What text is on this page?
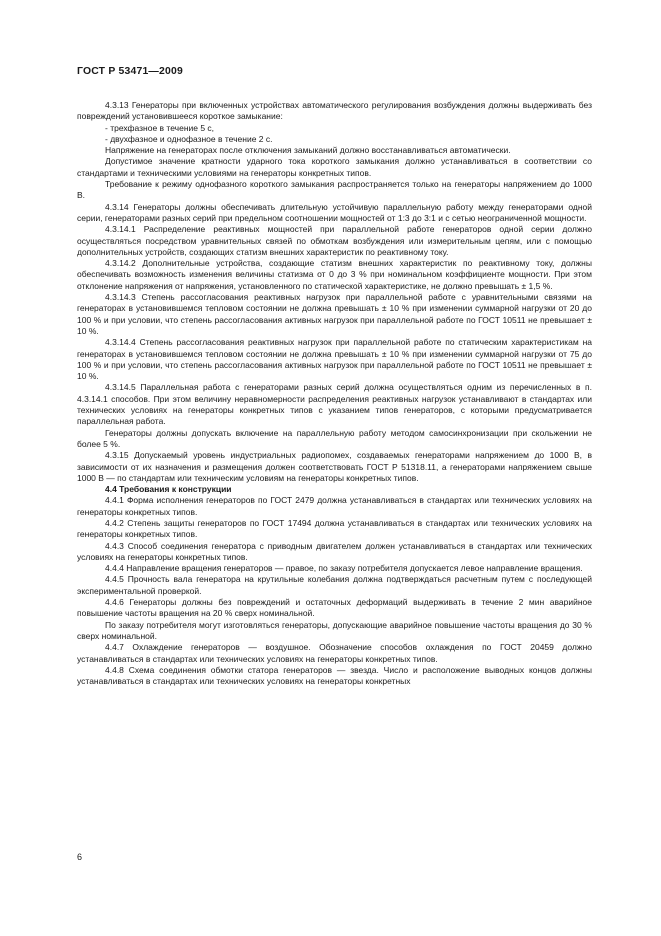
ГОСТ Р 53471—2009

4.3.13 Генераторы при включенных устройствах автоматического регулирования возбуждения должны выдерживать без повреждений установившееся короткое замыкание:

- трехфазное в течение 5 с,

- двухфазное и однофазное в течение 2 с.

Напряжение на генераторах после отключения замыканий должно восстанавливаться автоматически.

Допустимое значение кратности ударного тока короткого замыкания должно устанавливаться в соответствии со стандартами и техническими условиями на генераторы конкретных типов.

Требование к режиму однофазного короткого замыкания распространяется только на генераторы напряжением до 1000 В.

4.3.14 Генераторы должны обеспечивать длительную устойчивую параллельную работу между генераторами одной серии, генераторами разных серий при предельном соотношении мощностей от 1:3 до 3:1 и с сетью неограниченной мощности.

4.3.14.1 Распределение реактивных мощностей при параллельной работе генераторов одной серии должно осуществляться посредством уравнительных связей по обмоткам возбуждения или измерительным цепям, или с помощью дополнительных устройств, создающих статизм внешних характеристик по реактивному току.

4.3.14.2 Дополнительные устройства, создающие статизм внешних характеристик по реактивному току, должны обеспечивать возможность изменения величины статизма от 0 до 3 % при номинальном коэффициенте мощности. При этом отклонение напряжения от напряжения, установленного по статической характеристике, не должно превышать ± 1,5 %.

4.3.14.3 Степень рассогласования реактивных нагрузок при параллельной работе с уравнительными связями на генераторах в установившемся тепловом состоянии не должна превышать ± 10 % при изменении суммарной нагрузки от 20 до 100 % и при условии, что степень рассогласования активных нагрузок при параллельной работе по ГОСТ 10511 не превышает ± 10 %.

4.3.14.4 Степень рассогласования реактивных нагрузок при параллельной работе по статическим характеристикам на генераторах в установившемся тепловом состоянии не должна превышать ± 10 % при изменении суммарной нагрузки от 75 до 100 % и при условии, что степень рассогласования активных нагрузок при параллельной работе по ГОСТ 10511 не превышает ± 10 %.

4.3.14.5 Параллельная работа с генераторами разных серий должна осуществляться одним из перечисленных в п. 4.3.14.1 способов. При этом величину неравномерности распределения реактивных нагрузок устанавливают в стандартах или технических условиях на генераторы конкретных типов с указанием типов генераторов, с которыми предусматривается параллельная работа.

Генераторы должны допускать включение на параллельную работу методом самосинхронизации при скольжении не более 5 %.

4.3.15 Допускаемый уровень индустриальных радиопомех, создаваемых генераторами напряжением до 1000 В, в зависимости от их назначения и размещения должен соответствовать ГОСТ Р 51318.11, а генераторами напряжением свыше 1000 В — по стандартам или техническим условиям на генераторы конкретных типов.

4.4 Требования к конструкции

4.4.1 Форма исполнения генераторов по ГОСТ 2479 должна устанавливаться в стандартах или технических условиях на генераторы конкретных типов.

4.4.2 Степень защиты генераторов по ГОСТ 17494 должна устанавливаться в стандартах или технических условиях на генераторы конкретных типов.

4.4.3 Способ соединения генератора с приводным двигателем должен устанавливаться в стандартах или технических условиях на генераторы конкретных типов.

4.4.4 Направление вращения генераторов — правое, по заказу потребителя допускается левое направление вращения.

4.4.5 Прочность вала генератора на крутильные колебания должна подтверждаться расчетным путем с последующей экспериментальной проверкой.

4.4.6 Генераторы должны без повреждений и остаточных деформаций выдерживать в течение 2 мин аварийное повышение частоты вращения на 20 % сверх номинальной.

По заказу потребителя могут изготовляться генераторы, допускающие аварийное повышение частоты вращения до 30 % сверх номинальной.

4.4.7 Охлаждение генераторов — воздушное. Обозначение способов охлаждения по ГОСТ 20459 должно устанавливаться в стандартах или технических условиях на генераторы конкретных типов.

4.4.8 Схема соединения обмотки статора генераторов — звезда. Число и расположение выводных концов должны устанавливаться в стандартах или технических условиях на генераторы конкретных

6
